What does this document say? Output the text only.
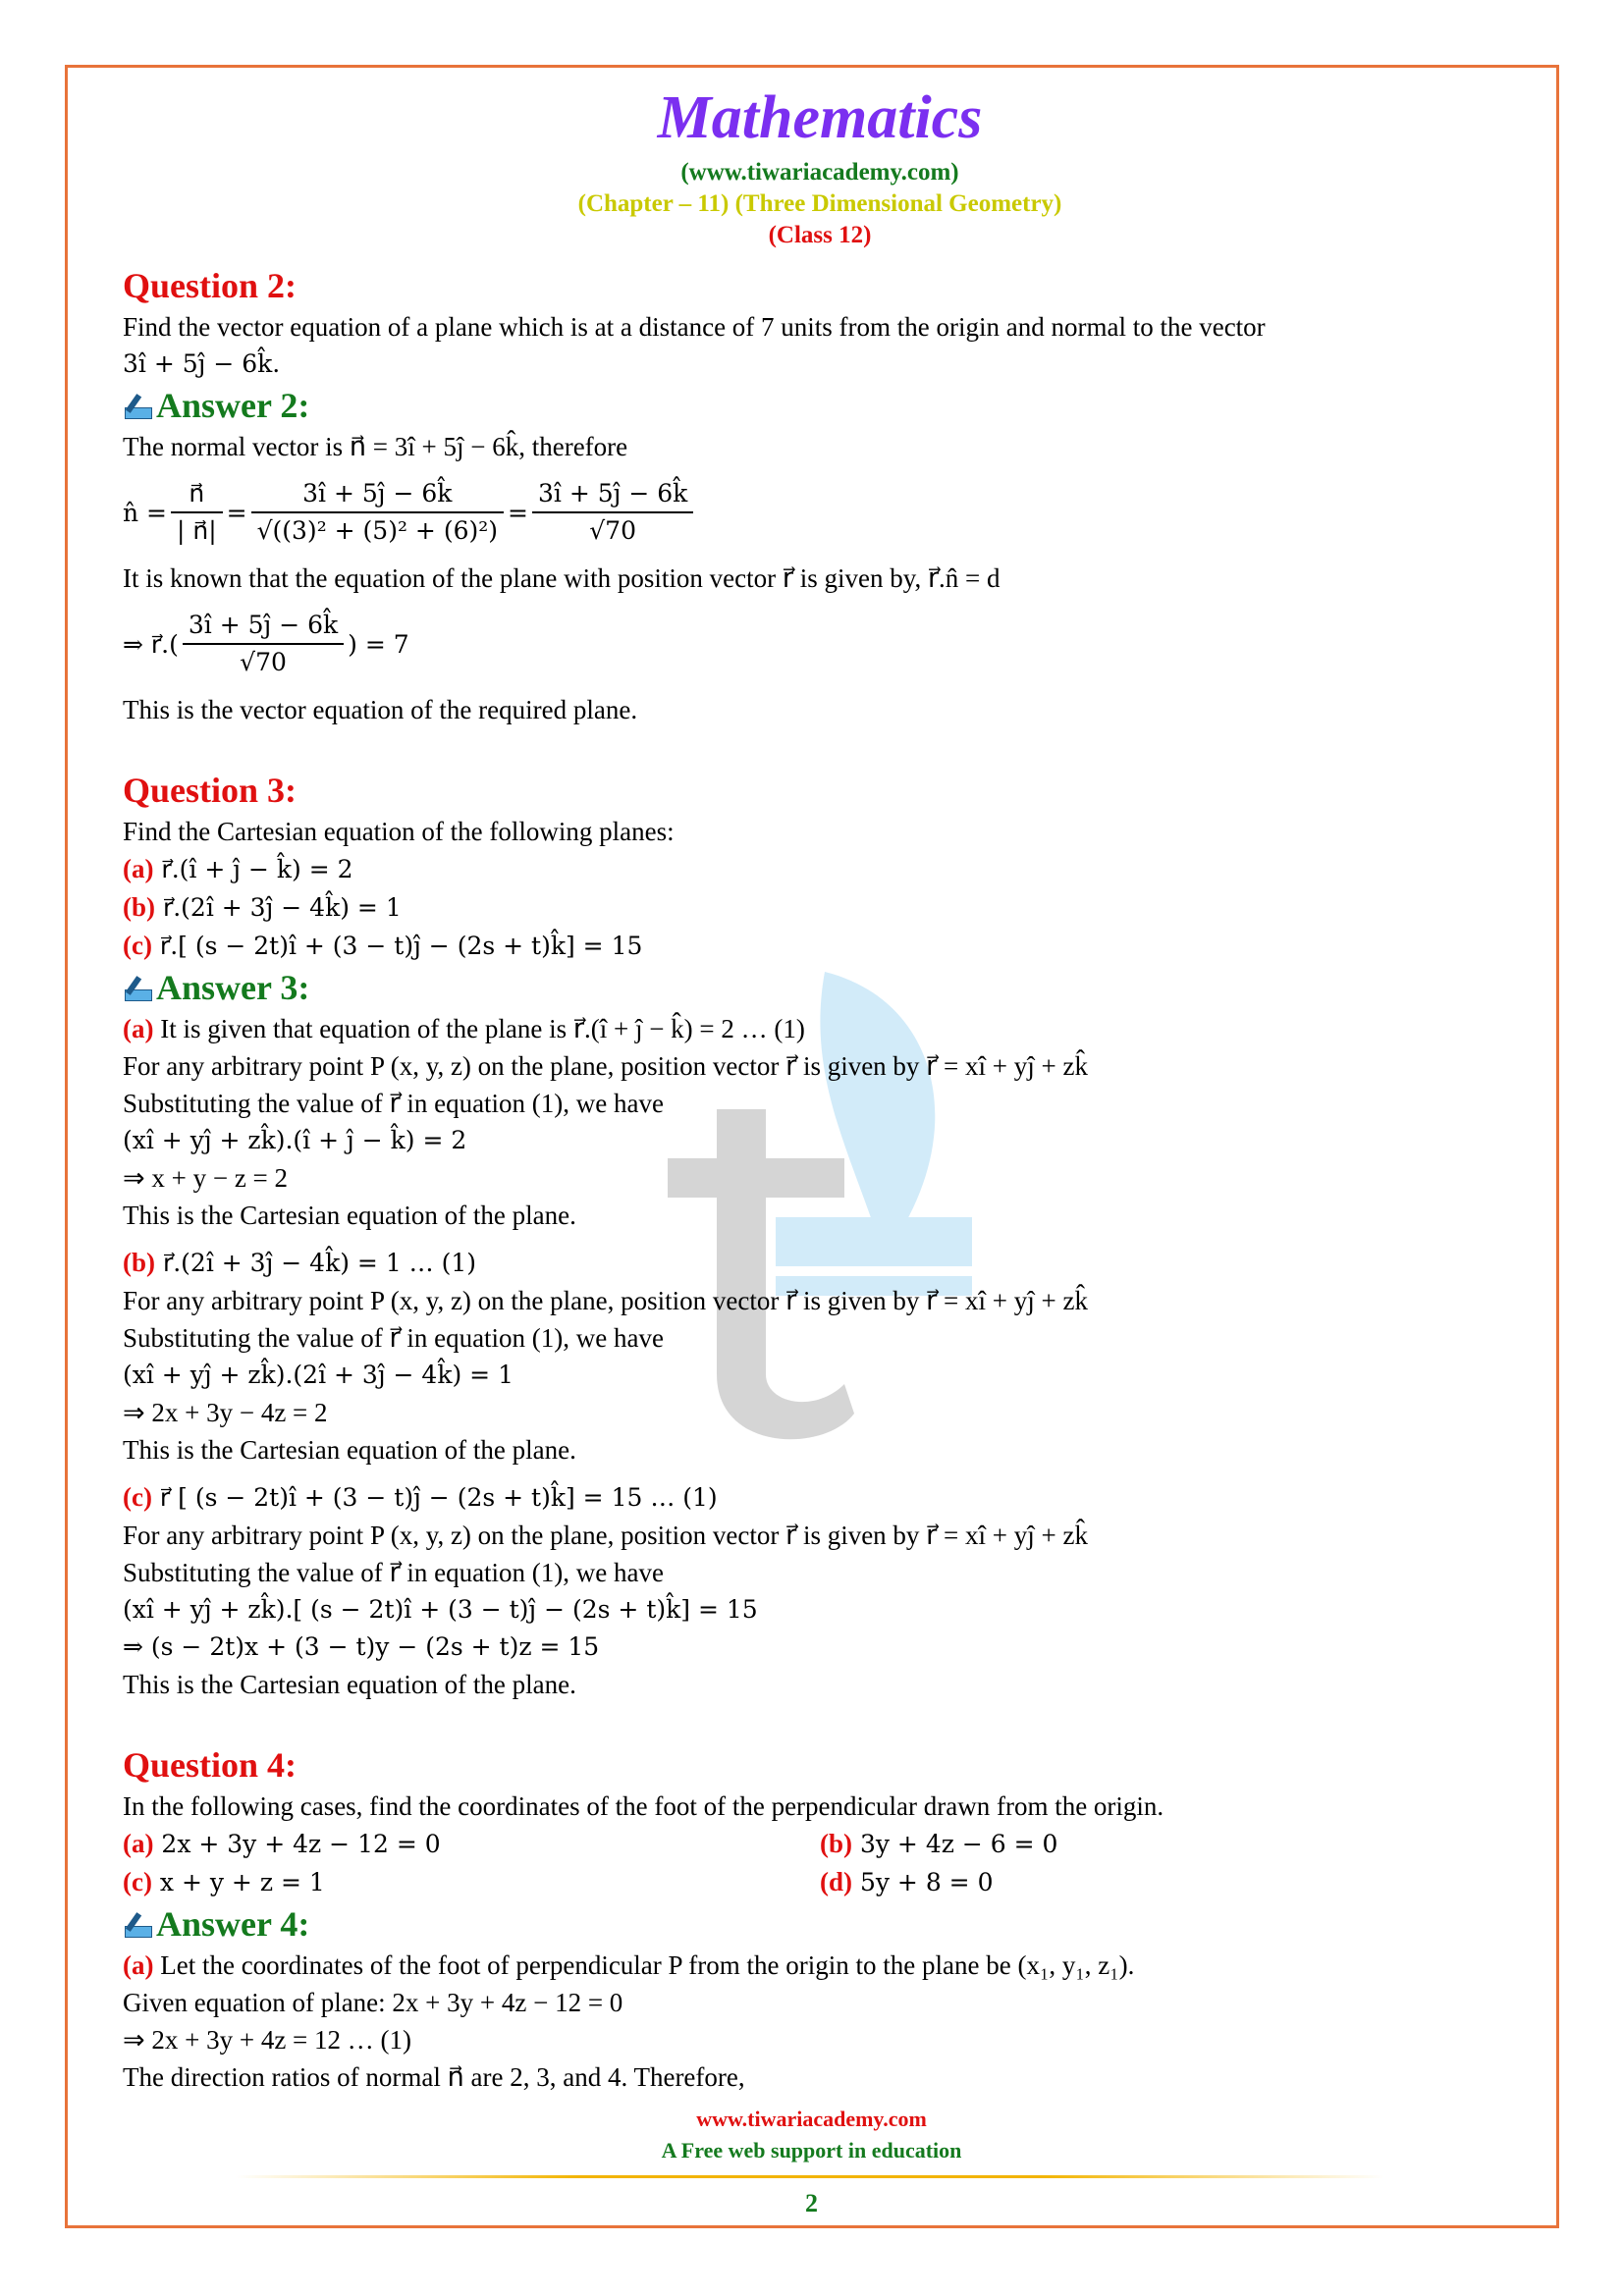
Mathematics
(www.tiwariacademy.com)
(Chapter – 11) (Three Dimensional Geometry)
(Class 12)
Question 2:
Find the vector equation of a plane which is at a distance of 7 units from the origin and normal to the vector
3î + 5ĵ − 6k̂.
Answer 2:
The normal vector is n⃗ = 3î + 5ĵ − 6k̂, therefore
n̂ = $\frac{n⃗}{| n⃗|} = \frac{3î + 5ĵ - 6k̂}{\text{√((3)² + (5)² + (6)²)}} = \frac{3î + 5ĵ - 6k̂}{√70}$
It is known that the equation of the plane with position vector r⃗ is given by, r⃗.n̂ = d
⇒ r⃗.( $\frac{3î + 5ĵ - 6k̂}{√70}$ ) = 7
This is the vector equation of the required plane.
Question 3:
Find the Cartesian equation of the following planes:
(a) r⃗.(î + ĵ − k̂) = 2
(b) r⃗.(2î + 3ĵ − 4k̂) = 1
(c) r⃗.[ (s − 2t)î + (3 − t)ĵ − (2s + t)k̂] = 15
Answer 3:
(a) It is given that equation of the plane is r⃗.(î + ĵ − k̂) = 2 … (1)
For any arbitrary point P (x, y, z) on the plane, position vector r⃗ is given by r⃗ = xî + yĵ + zk̂
Substituting the value of r⃗ in equation (1), we have
(xî + yĵ + zk̂).(î + ĵ − k̂) = 2
⇒ x + y − z = 2
This is the Cartesian equation of the plane.
(b) r⃗.(2î + 3ĵ − 4k̂) = 1 … (1)
For any arbitrary point P (x, y, z) on the plane, position vector r⃗ is given by r⃗ = xî + yĵ + zk̂
Substituting the value of r⃗ in equation (1), we have
(xî + yĵ + zk̂).(2î + 3ĵ − 4k̂) = 1
⇒ 2x + 3y − 4z = 2
This is the Cartesian equation of the plane.
(c) r⃗ [ (s − 2t)î + (3 − t)ĵ − (2s + t)k̂] = 15 … (1)
For any arbitrary point P (x, y, z) on the plane, position vector r⃗ is given by r⃗ = xî + yĵ + zk̂
Substituting the value of r⃗ in equation (1), we have
(xî + yĵ + zk̂).[ (s − 2t)î + (3 − t)ĵ − (2s + t)k̂] = 15
⇒ (s − 2t)x + (3 − t)y − (2s + t)z = 15
This is the Cartesian equation of the plane.
Question 4:
In the following cases, find the coordinates of the foot of the perpendicular drawn from the origin.
(a) 2x + 3y + 4z − 12 = 0	(b) 3y + 4z − 6 = 0
(c) x + y + z = 1	(d) 5y + 8 = 0
Answer 4:
(a) Let the coordinates of the foot of perpendicular P from the origin to the plane be (x₁, y₁, z₁).
Given equation of plane: 2x + 3y + 4z − 12 = 0
⇒ 2x + 3y + 4z = 12 … (1)
The direction ratios of normal n⃗ are 2, 3, and 4. Therefore,
www.tiwariacademy.com
A Free web support in education
2
